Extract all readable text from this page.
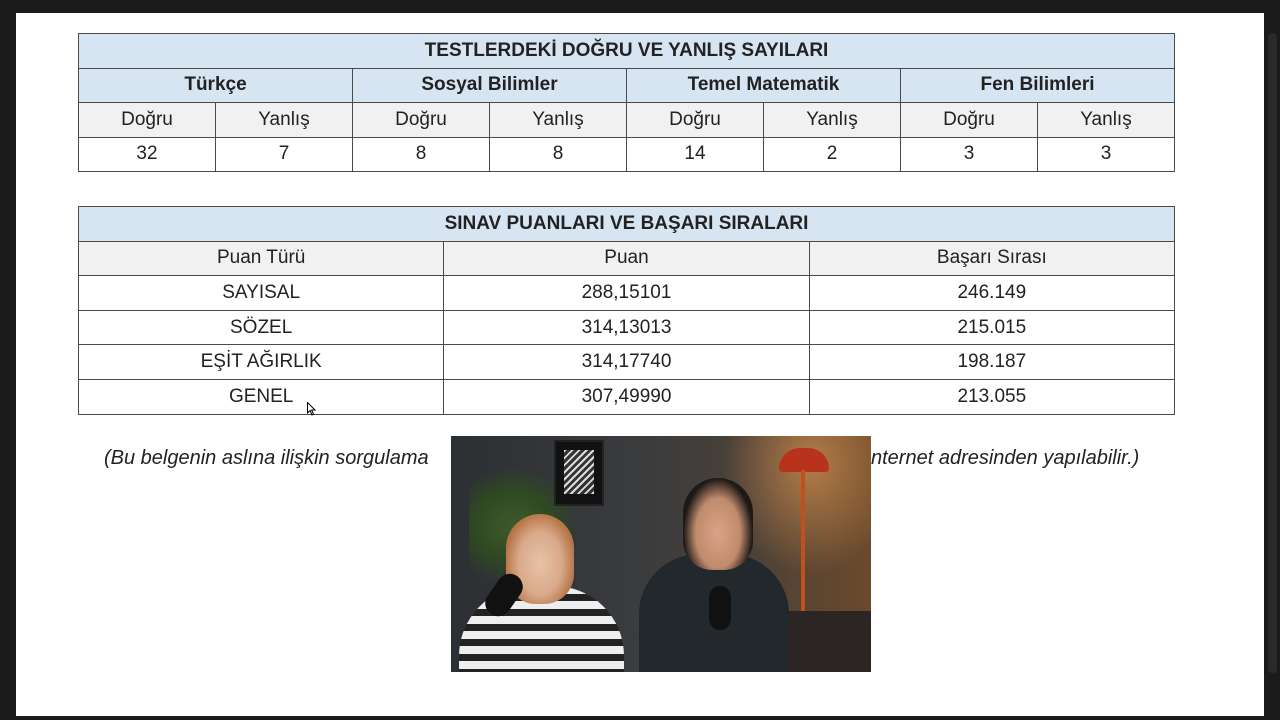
TESTLERDEKİ DOĞRU VE YANLIŞ SAYILARI							
Türkçe		Sosyal Bilimler		Temel Matematik		Fen Bilimleri	
Doğru	Yanlış	Doğru	Yanlış	Doğru	Yanlış	Doğru	Yanlış
32	7	8	8	14	2	3	3
SINAV PUANLARI VE BAŞARI SIRALARI		
Puan Türü	Puan	Başarı Sırası
SAYISAL	288,15101	246.149
SÖZEL	314,13013	215.015
EŞİT AĞIRLIK	314,17740	198.187
GENEL	307,49990	213.055
(Bu belgenin aslına ilişkin sorgulama	nternet adresinden yapılabilir.)
